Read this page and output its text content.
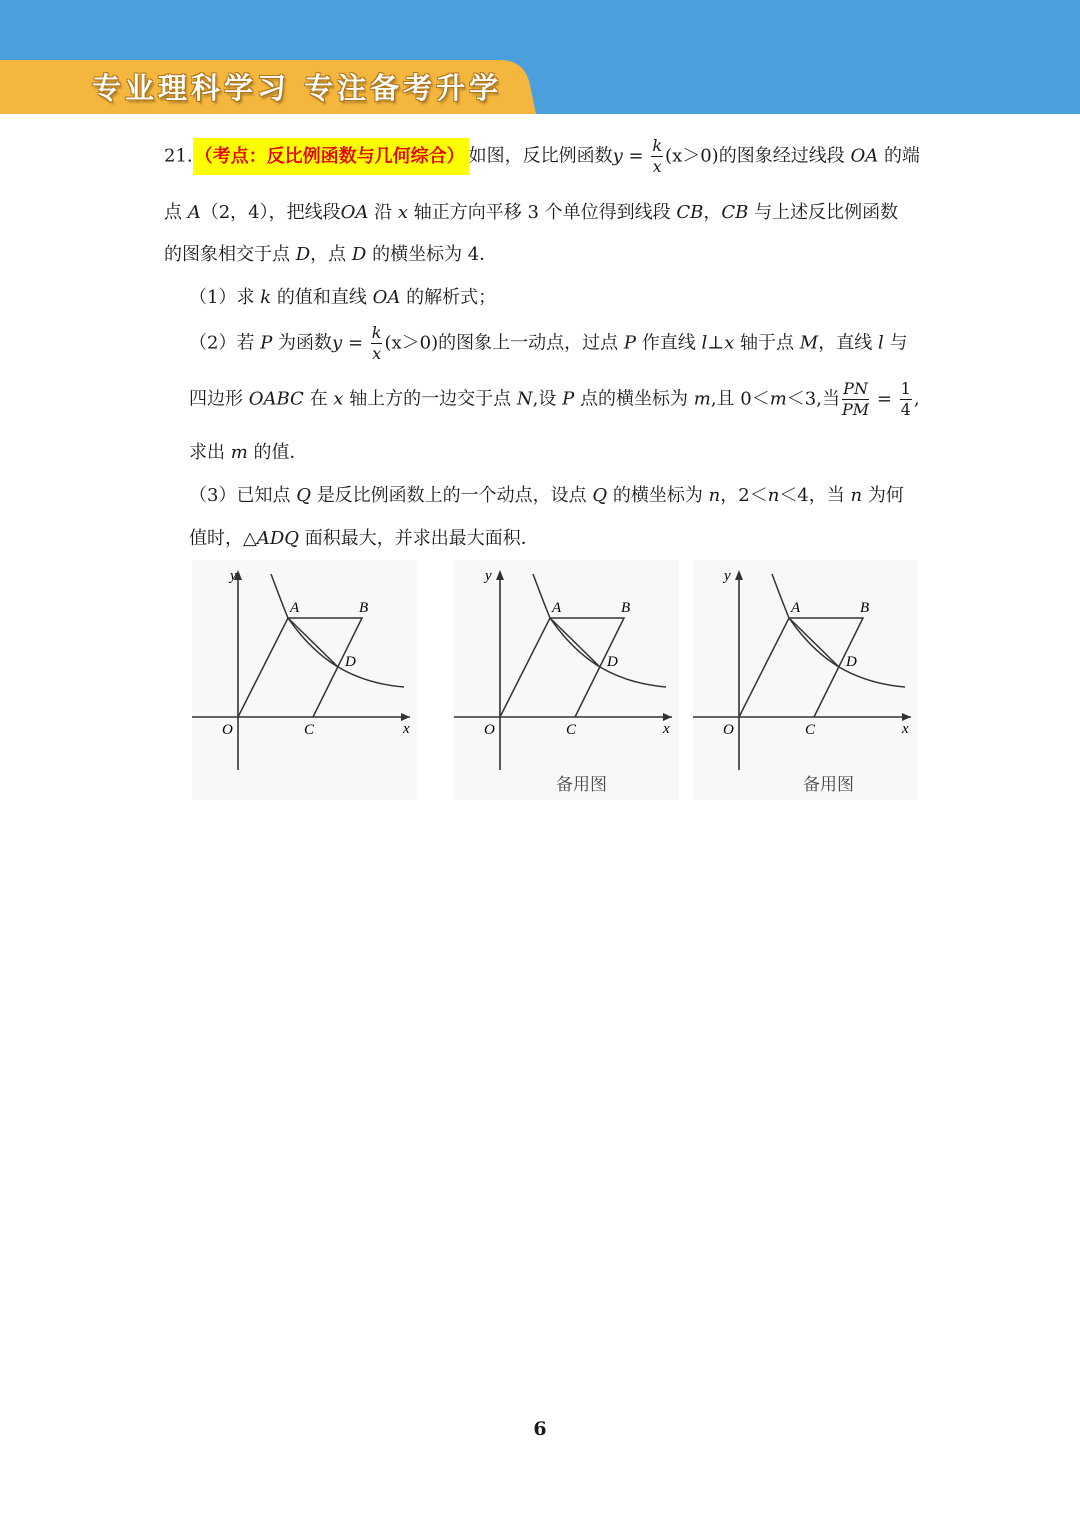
专业理科学习 专注备考升学
21. （考点：反比例函数与几何综合） 如图，反比例函数$y = \frac{k}{x} (x>0)$的图象经过线段 OA 的端
点 A（2，4），把线段OA 沿 x 轴正方向平移 3 个单位得到线段 CB，CB 与上述反比例函数
的图象相交于点 D，点 D 的横坐标为 4．
（1）求 k 的值和直线 OA 的解析式；
（2）若 P 为函数$y = \frac{k}{x} (x>0)$的图象上一动点，过点 P 作直线 l⊥x 轴于点 M，直线 l 与
四边形 OABC 在 x 轴上方的一边交于点 N,设 P 点的横坐标为 m,且 0＜m＜3,当 $\frac{PN}{PM} = \frac{1}{4}$ ,
求出 m 的值．
（3）已知点 Q 是反比例函数上的一个动点，设点 Q 的横坐标为 n，2＜n＜4，当 n 为何
值时，△ADQ 面积最大，并求出最大面积．
y
x
O	C
A	B
D
y
x
O	C
A	B
D
备用图
y
x
O	C
A	B
D
备用图
6
